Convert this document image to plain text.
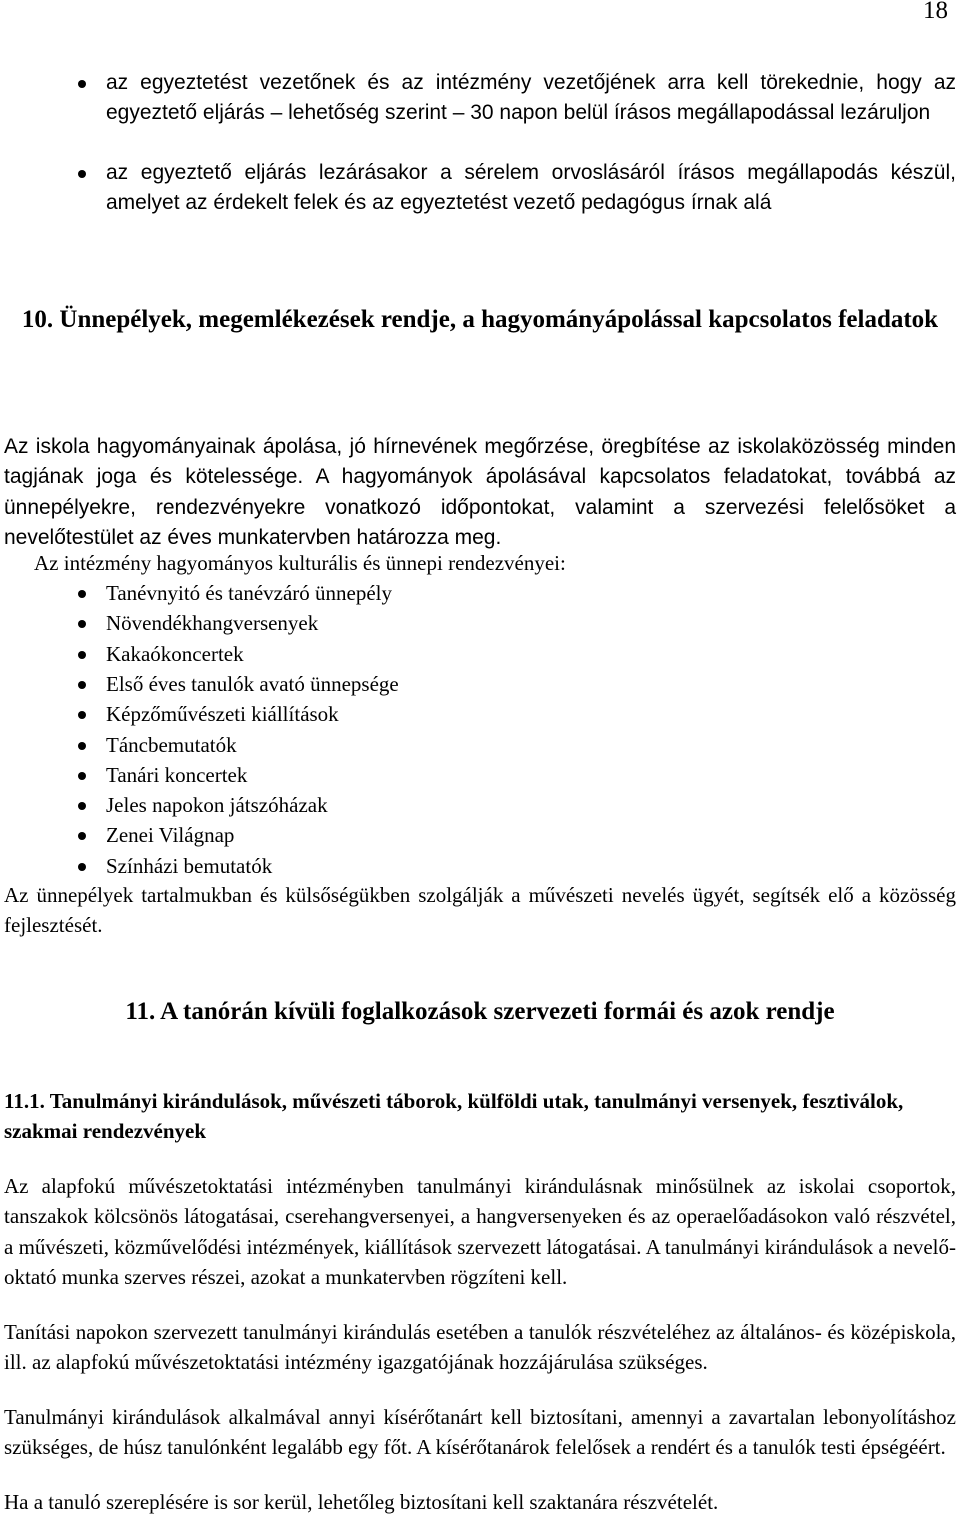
18
az egyeztetést vezetőnek és az intézmény vezetőjének arra kell törekednie, hogy az egyeztető eljárás – lehetőség szerint – 30 napon belül írásos megállapodással lezáruljon
az egyeztető eljárás lezárásakor a sérelem orvoslásáról írásos megállapodás készül, amelyet az érdekelt felek és az egyeztetést vezető pedagógus írnak alá
10. Ünnepélyek, megemlékezések rendje, a hagyományápolással kapcsolatos feladatok

Az iskola hagyományainak ápolása, jó hírnevének megőrzése, öregbítése az iskolaközösség minden tagjának joga és kötelessége. A hagyományok ápolásával kapcsolatos feladatokat, továbbá az ünnepélyekre, rendezvényekre vonatkozó időpontokat, valamint a szervezési felelősöket a nevelőtestület az éves munkatervben határozza meg.

Az intézmény hagyományos kulturális és ünnepi rendezvényei:

Tanévnyitó és tanévzáró ünnepély
Növendékhangversenyek
Kakaókoncertek
Első éves tanulók avató ünnepsége
Képzőművészeti kiállítások
Táncbemutatók
Tanári koncertek
Jeles napokon játszóházak
Zenei Világnap
Színházi bemutatók

Az ünnepélyek tartalmukban és külsőségükben szolgálják a művészeti nevelés ügyét, segítsék elő a közösség fejlesztését.

11. A tanórán kívüli foglalkozások szervezeti formái és azok rendje
11.1. Tanulmányi kirándulások, művészeti táborok, külföldi utak, tanulmányi versenyek, fesztiválok, szakmai rendezvények

Az alapfokú művészetoktatási intézményben tanulmányi kirándulásnak minősülnek az iskolai csoportok, tanszakok kölcsönös látogatásai, cserehangversenyei, a hangversenyeken és az operaelőadásokon való részvétel, a művészeti, közművelődési intézmények, kiállítások szervezett látogatásai. A tanulmányi kirándulások a nevelő-oktató munka szerves részei, azokat a munkatervben rögzíteni kell.

Tanítási napokon szervezett tanulmányi kirándulás esetében a tanulók részvételéhez az általános- és középiskola, ill. az alapfokú művészetoktatási intézmény igazgatójának hozzájárulása szükséges.

Tanulmányi kirándulások alkalmával annyi kísérőtanárt kell biztosítani, amennyi a zavartalan lebonyolításhoz szükséges, de húsz tanulónként legalább egy főt. A kísérőtanárok felelősek a rendért és a tanulók testi épségéért.

Ha a tanuló szereplésére is sor kerül, lehetőleg biztosítani kell szaktanára részvételét.
